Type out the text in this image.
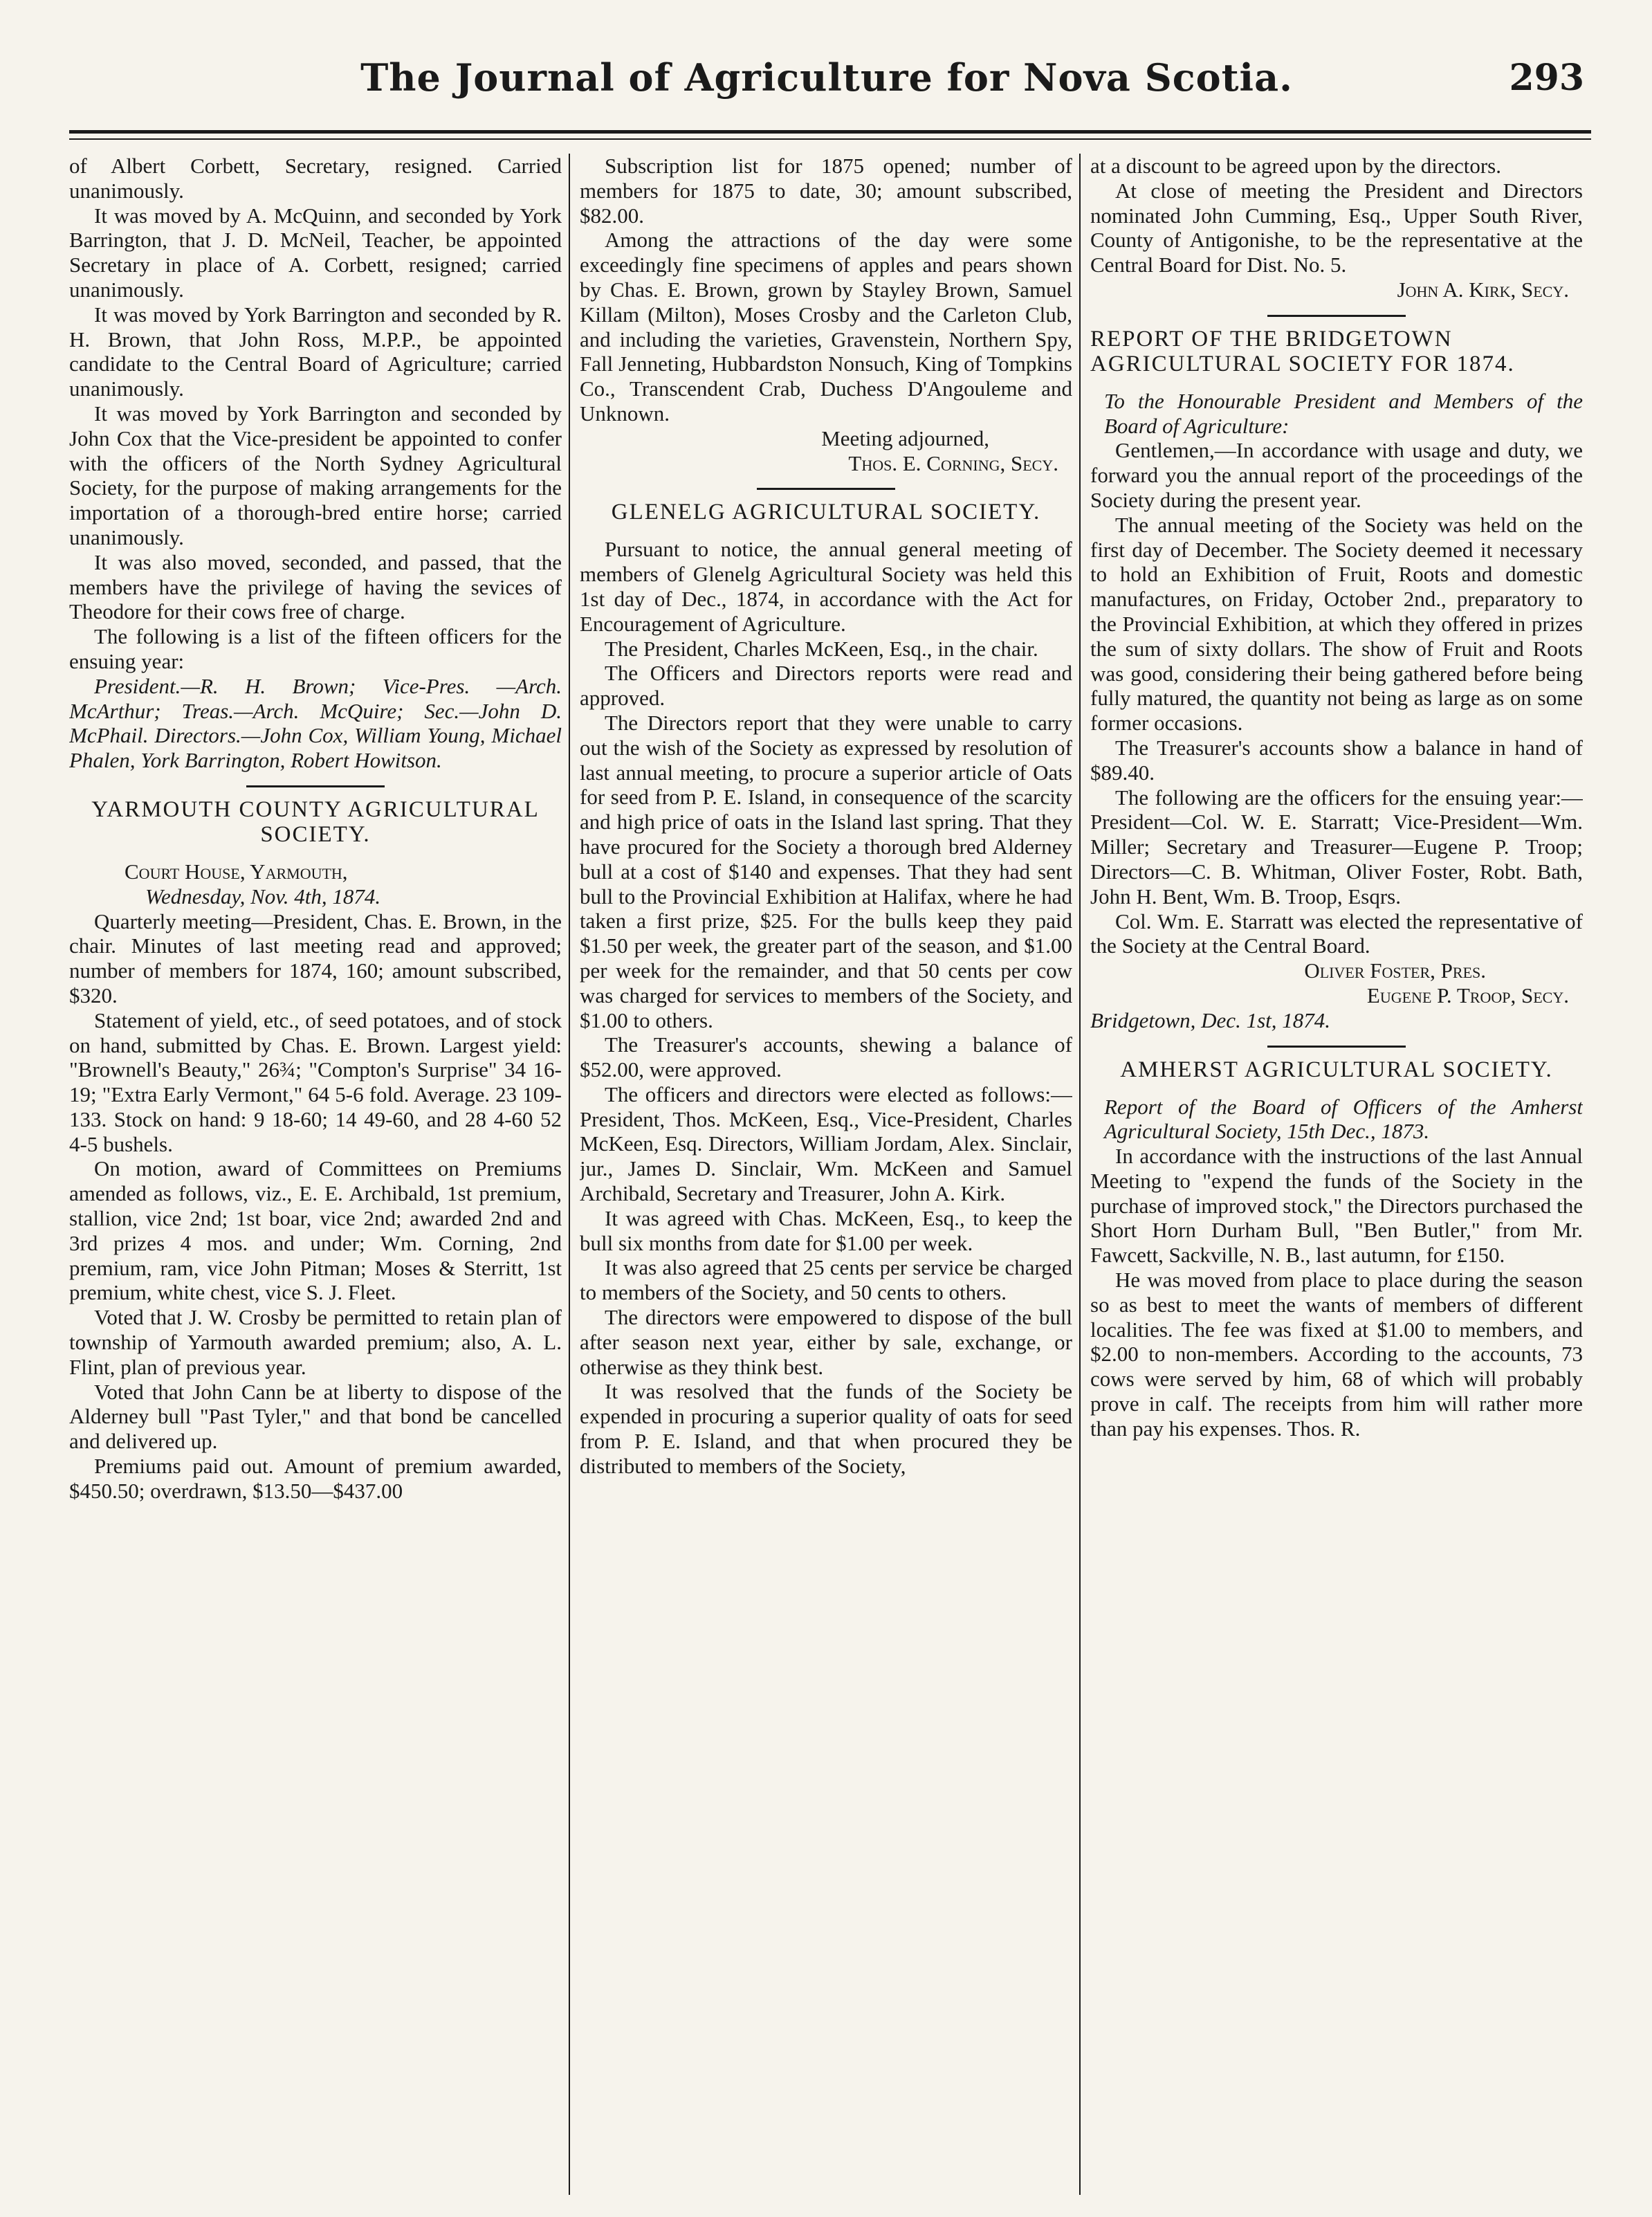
The Journal of Agriculture for Nova Scotia.	293

of Albert Corbett, Secretary, resigned. Carried unanimously.

It was moved by A. McQuinn, and seconded by York Barrington, that J. D. McNeil, Teacher, be appointed Secretary in place of A. Corbett, resigned; carried unanimously.

It was moved by York Barrington and seconded by R. H. Brown, that John Ross, M.P.P., be appointed candidate to the Central Board of Agriculture; carried unanimously.

It was moved by York Barrington and seconded by John Cox that the Vice-president be appointed to confer with the officers of the North Sydney Agricultural Society, for the purpose of making arrangements for the importation of a thorough-bred entire horse; carried unanimously.

It was also moved, seconded, and passed, that the members have the privilege of having the sevices of Theodore for their cows free of charge.

The following is a list of the fifteen officers for the ensuing year:

President.—R. H. Brown; Vice-Pres. —Arch. McArthur; Treas.—Arch. McQuire; Sec.—John D. McPhail. Directors.—John Cox, William Young, Michael Phalen, York Barrington, Robert Howitson.

YARMOUTH COUNTY AGRICULTURAL SOCIETY.

Court House, Yarmouth,

Wednesday, Nov. 4th, 1874.

Quarterly meeting—President, Chas. E. Brown, in the chair. Minutes of last meeting read and approved; number of members for 1874, 160; amount subscribed, $320.

Statement of yield, etc., of seed potatoes, and of stock on hand, submitted by Chas. E. Brown. Largest yield: "Brownell's Beauty," 26¾; "Compton's Surprise" 34 16-19; "Extra Early Vermont," 64 5-6 fold. Average. 23 109-133. Stock on hand: 9 18-60; 14 49-60, and 28 4-60 52 4-5 bushels.

On motion, award of Committees on Premiums amended as follows, viz., E. E. Archibald, 1st premium, stallion, vice 2nd; 1st boar, vice 2nd; awarded 2nd and 3rd prizes 4 mos. and under; Wm. Corning, 2nd premium, ram, vice John Pitman; Moses & Sterritt, 1st premium, white chest, vice S. J. Fleet.

Voted that J. W. Crosby be permitted to retain plan of township of Yarmouth awarded premium; also, A. L. Flint, plan of previous year.

Voted that John Cann be at liberty to dispose of the Alderney bull "Past Tyler," and that bond be cancelled and delivered up.

Premiums paid out. Amount of premium awarded, $450.50; overdrawn, $13.50—$437.00

Subscription list for 1875 opened; number of members for 1875 to date, 30; amount subscribed, $82.00.

Among the attractions of the day were some exceedingly fine specimens of apples and pears shown by Chas. E. Brown, grown by Stayley Brown, Samuel Killam (Milton), Moses Crosby and the Carleton Club, and including the varieties, Gravenstein, Northern Spy, Fall Jenneting, Hubbardston Nonsuch, King of Tompkins Co., Transcendent Crab, Duchess D'Angouleme and Unknown.

Meeting adjourned,

Thos. E. Corning, Secy.

GLENELG AGRICULTURAL SOCIETY.

Pursuant to notice, the annual general meeting of members of Glenelg Agricultural Society was held this 1st day of Dec., 1874, in accordance with the Act for Encouragement of Agriculture.

The President, Charles McKeen, Esq., in the chair.

The Officers and Directors reports were read and approved.

The Directors report that they were unable to carry out the wish of the Society as expressed by resolution of last annual meeting, to procure a superior article of Oats for seed from P. E. Island, in consequence of the scarcity and high price of oats in the Island last spring. That they have procured for the Society a thorough bred Alderney bull at a cost of $140 and expenses. That they had sent bull to the Provincial Exhibition at Halifax, where he had taken a first prize, $25. For the bulls keep they paid $1.50 per week, the greater part of the season, and $1.00 per week for the remainder, and that 50 cents per cow was charged for services to members of the Society, and $1.00 to others.

The Treasurer's accounts, shewing a balance of $52.00, were approved.

The officers and directors were elected as follows:—President, Thos. McKeen, Esq., Vice-President, Charles McKeen, Esq. Directors, William Jordam, Alex. Sinclair, jur., James D. Sinclair, Wm. McKeen and Samuel Archibald, Secretary and Treasurer, John A. Kirk.

It was agreed with Chas. McKeen, Esq., to keep the bull six months from date for $1.00 per week.

It was also agreed that 25 cents per service be charged to members of the Society, and 50 cents to others.

The directors were empowered to dispose of the bull after season next year, either by sale, exchange, or otherwise as they think best.

It was resolved that the funds of the Society be expended in procuring a superior quality of oats for seed from P. E. Island, and that when procured they be distributed to members of the Society,

at a discount to be agreed upon by the directors.

At close of meeting the President and Directors nominated John Cumming, Esq., Upper South River, County of Antigonishe, to be the representative at the Central Board for Dist. No. 5.

John A. Kirk, Secy.

REPORT OF THE BRIDGETOWN AGRICULTURAL SOCIETY FOR 1874.

To the Honourable President and Members of the Board of Agriculture:

Gentlemen,—In accordance with usage and duty, we forward you the annual report of the proceedings of the Society during the present year.

The annual meeting of the Society was held on the first day of December. The Society deemed it necessary to hold an Exhibition of Fruit, Roots and domestic manufactures, on Friday, October 2nd., preparatory to the Provincial Exhibition, at which they offered in prizes the sum of sixty dollars. The show of Fruit and Roots was good, considering their being gathered before being fully matured, the quantity not being as large as on some former occasions.

The Treasurer's accounts show a balance in hand of $89.40.

The following are the officers for the ensuing year:—President—Col. W. E. Starratt; Vice-President—Wm. Miller; Secretary and Treasurer—Eugene P. Troop; Directors—C. B. Whitman, Oliver Foster, Robt. Bath, John H. Bent, Wm. B. Troop, Esqrs.

Col. Wm. E. Starratt was elected the representative of the Society at the Central Board.

Oliver Foster, Pres.

Eugene P. Troop, Secy.

Bridgetown, Dec. 1st, 1874.

AMHERST AGRICULTURAL SOCIETY.

Report of the Board of Officers of the Amherst Agricultural Society, 15th Dec., 1873.

In accordance with the instructions of the last Annual Meeting to "expend the funds of the Society in the purchase of improved stock," the Directors purchased the Short Horn Durham Bull, "Ben Butler," from Mr. Fawcett, Sackville, N. B., last autumn, for £150.

He was moved from place to place during the season so as best to meet the wants of members of different localities. The fee was fixed at $1.00 to members, and $2.00 to non-members. According to the accounts, 73 cows were served by him, 68 of which will probably prove in calf. The receipts from him will rather more than pay his expenses. Thos. R.
